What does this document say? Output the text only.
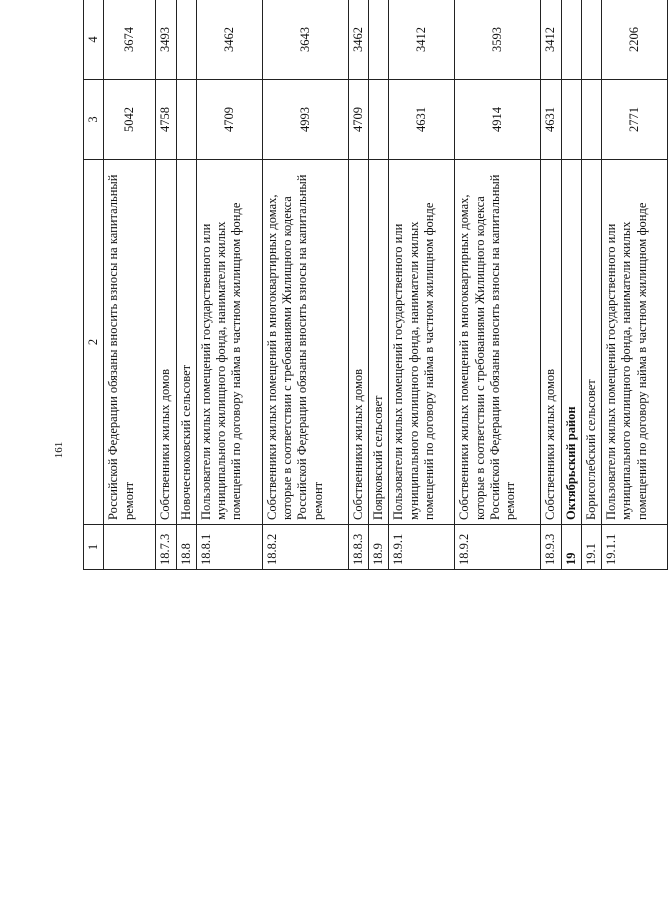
161
1	2	3	4		
	Российской Федерации обязаны вносить взносы на капитальный ремонт	5042	3674		
18.7.3	Собственники жилых домов	4758	3493		
18.8	Новочесноковский сельсовет				
18.8.1	Пользователи жилых помещений государственного или муниципального жилищного фонда, наниматели жилых помещений по договору найма в частном жилищном фонде	4709	3462		
18.8.2	Собственники жилых помещений в многоквартирных домах, которые в соответствии с требованиями Жилищного кодекса Российской Федерации обязаны вносить взносы на капитальный ремонт	4993	3643		
18.8.3	Собственники жилых домов	4709	3462		
18.9	Поярковский сельсовет				
18.9.1	Пользователи жилых помещений государственного или муниципального жилищного фонда, наниматели жилых помещений по договору найма в частном жилищном фонде	4631	3412		
18.9.2	Собственники жилых помещений в многоквартирных домах, которые в соответствии с требованиями Жилищного кодекса Российской Федерации обязаны вносить взносы на капитальный ремонт	4914	3593		
18.9.3	Собственники жилых домов	4631	3412		
19	Октябрьский район				
19.1	Борисоглебский сельсовет				
19.1.1	Пользователи жилых помещений государственного или муниципального жилищного фонда, наниматели жилых помещений по договору найма в частном жилищном фонде	2771	2206		
